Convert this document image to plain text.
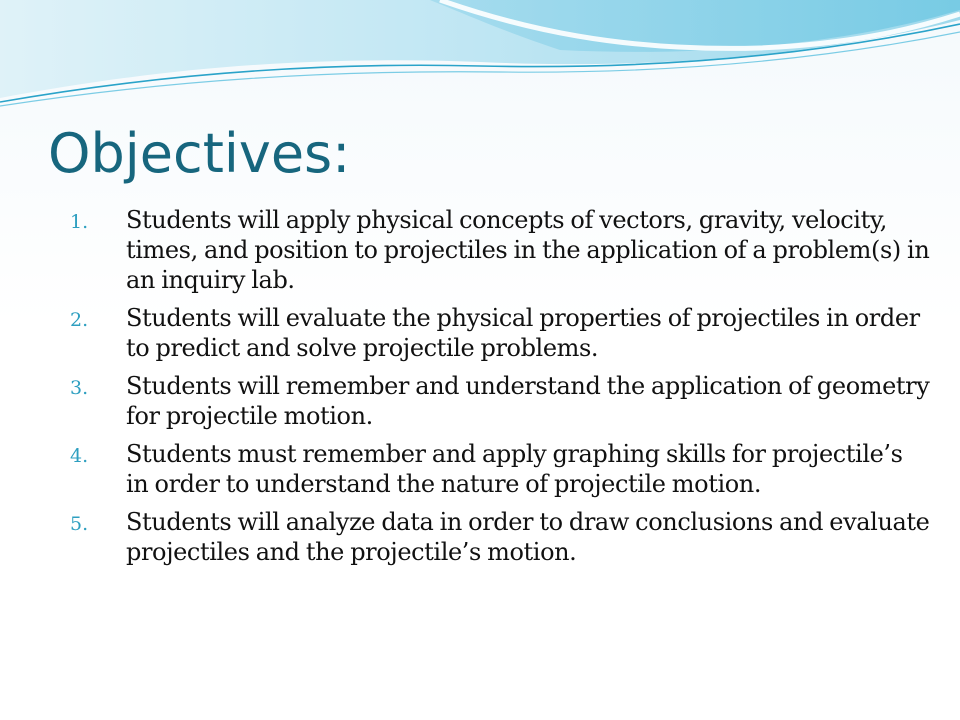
Objectives:
1. Students will apply physical concepts of vectors, gravity, velocity, times, and position to projectiles in the application of a problem(s) in an inquiry lab.
2. Students will evaluate the physical properties of projectiles in order to predict and solve projectile problems.
3. Students will remember and understand the application of geometry for projectile motion.
4. Students must remember and apply graphing skills for projectile’s in order to understand the nature of projectile motion.
5. Students will analyze data in order to draw conclusions and evaluate projectiles and the projectile’s motion.
